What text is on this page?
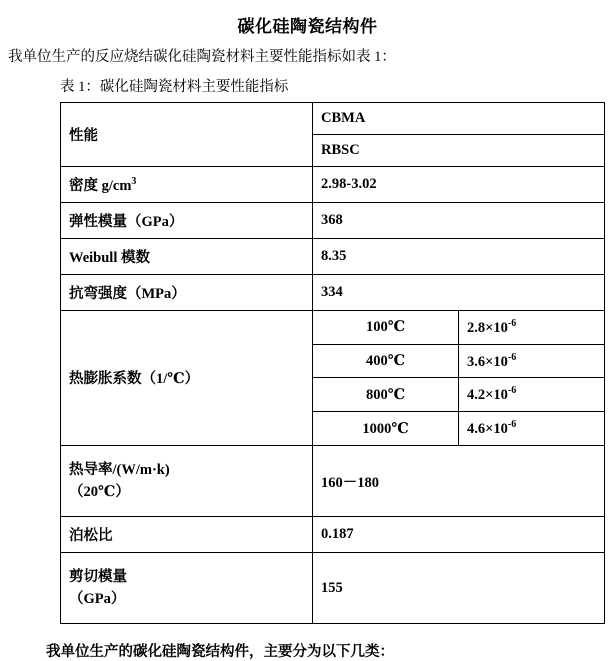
碳化硅陶瓷结构件

我单位生产的反应烧结碳化硅陶瓷材料主要性能指标如表 1：

表 1：碳化硅陶瓷材料主要性能指标
性能	CBMA	
	RBSC	
密度 $g/cm^3$	2.98-3.02	
弹性模量（GPa）	368	
Weibull 模数	8.35	
抗弯强度（MPa）	334	
热膨胀系数（1/℃）	100℃	$2.8\times 10^{-6}$
	400℃	$3.6\times 10^{-6}$
	800℃	$4.2\times 10^{-6}$
	1000℃	$4.6\times 10^{-6}$

热导率/(W/m·k)
（20℃）	160－180	
泊松比	0.187	

剪切模量
（GPa）	155	

我单位生产的碳化硅陶瓷结构件，主要分为以下几类：
